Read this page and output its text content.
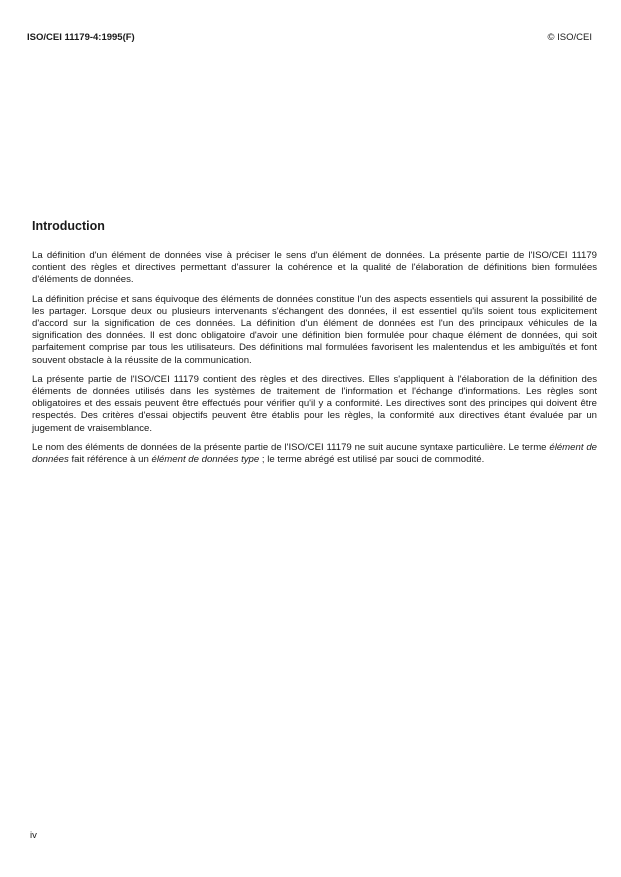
ISO/CEI 11179-4:1995(F)	© ISO/CEI
Introduction

La définition d'un élément de données vise à préciser le sens d'un élément de données. La présente partie de l'ISO/CEI 11179 contient des règles et directives permettant d'assurer la cohérence et la qualité de l'élaboration de définitions bien formulées d'éléments de données.

La définition précise et sans équivoque des éléments de données constitue l'un des aspects essentiels qui assurent la possibilité de les partager. Lorsque deux ou plusieurs intervenants s'échangent des données, il est essentiel qu'ils soient tous explicitement d'accord sur la signification de ces données. La définition d'un élément de données est l'un des principaux véhicules de la signification des données. Il est donc obligatoire d'avoir une définition bien formulée pour chaque élément de données, qui soit parfaitement comprise par tous les utilisateurs. Des définitions mal formulées favorisent les malentendus et les ambiguïtés et font souvent obstacle à la réussite de la communication.

La présente partie de l'ISO/CEI 11179 contient des règles et des directives. Elles s'appliquent à l'élaboration de la définition des éléments de données utilisés dans les systèmes de traitement de l'information et l'échange d'informations. Les règles sont obligatoires et des essais peuvent être effectués pour vérifier qu'il y a conformité. Les directives sont des principes qui doivent être respectés. Des critères d'essai objectifs peuvent être établis pour les règles, la conformité aux directives étant évaluée par un jugement de vraisemblance.

Le nom des éléments de données de la présente partie de l'ISO/CEI 11179 ne suit aucune syntaxe particulière. Le terme élément de données fait référence à un élément de données type ; le terme abrégé est utilisé par souci de commodité.

iv
